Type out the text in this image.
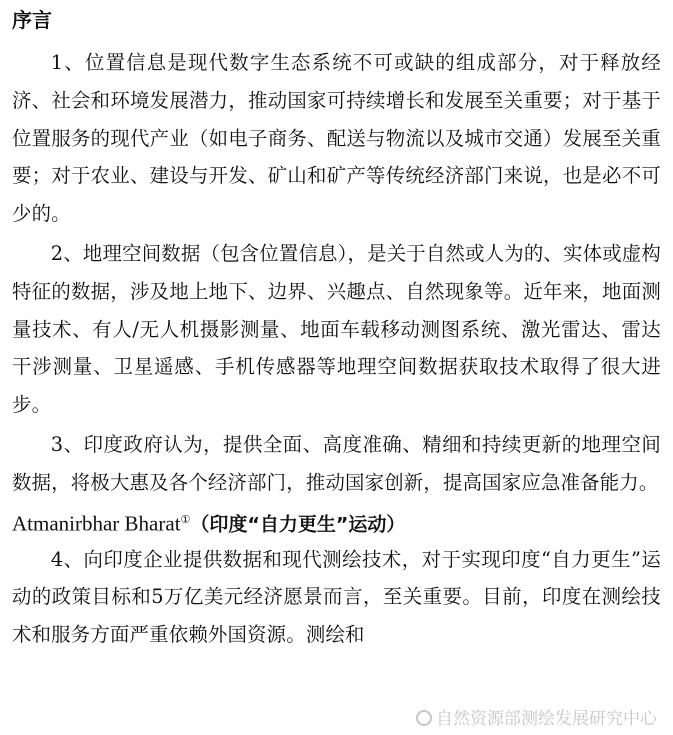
序言

1、位置信息是现代数字生态系统不可或缺的组成部分，对于释放经济、社会和环境发展潜力，推动国家可持续增长和发展至关重要；对于基于位置服务的现代产业（如电子商务、配送与物流以及城市交通）发展至关重要；对于农业、建设与开发、矿山和矿产等传统经济部门来说，也是必不可少的。

2、地理空间数据（包含位置信息），是关于自然或人为的、实体或虚构特征的数据，涉及地上地下、边界、兴趣点、自然现象等。近年来，地面测量技术、有人/无人机摄影测量、地面车载移动测图系统、激光雷达、雷达干涉测量、卫星遥感、手机传感器等地理空间数据获取技术取得了很大进步。

3、印度政府认为，提供全面、高度准确、精细和持续更新的地理空间数据，将极大惠及各个经济部门，推动国家创新，提高国家应急准备能力。

Atmanirbhar Bharat①（印度“自力更生”运动）

4、向印度企业提供数据和现代测绘技术，对于实现印度“自力更生”运动的政策目标和5万亿美元经济愿景而言，至关重要。目前，印度在测绘技术和服务方面严重依赖外国资源。测绘和

自然资源部测绘发展研究中心
